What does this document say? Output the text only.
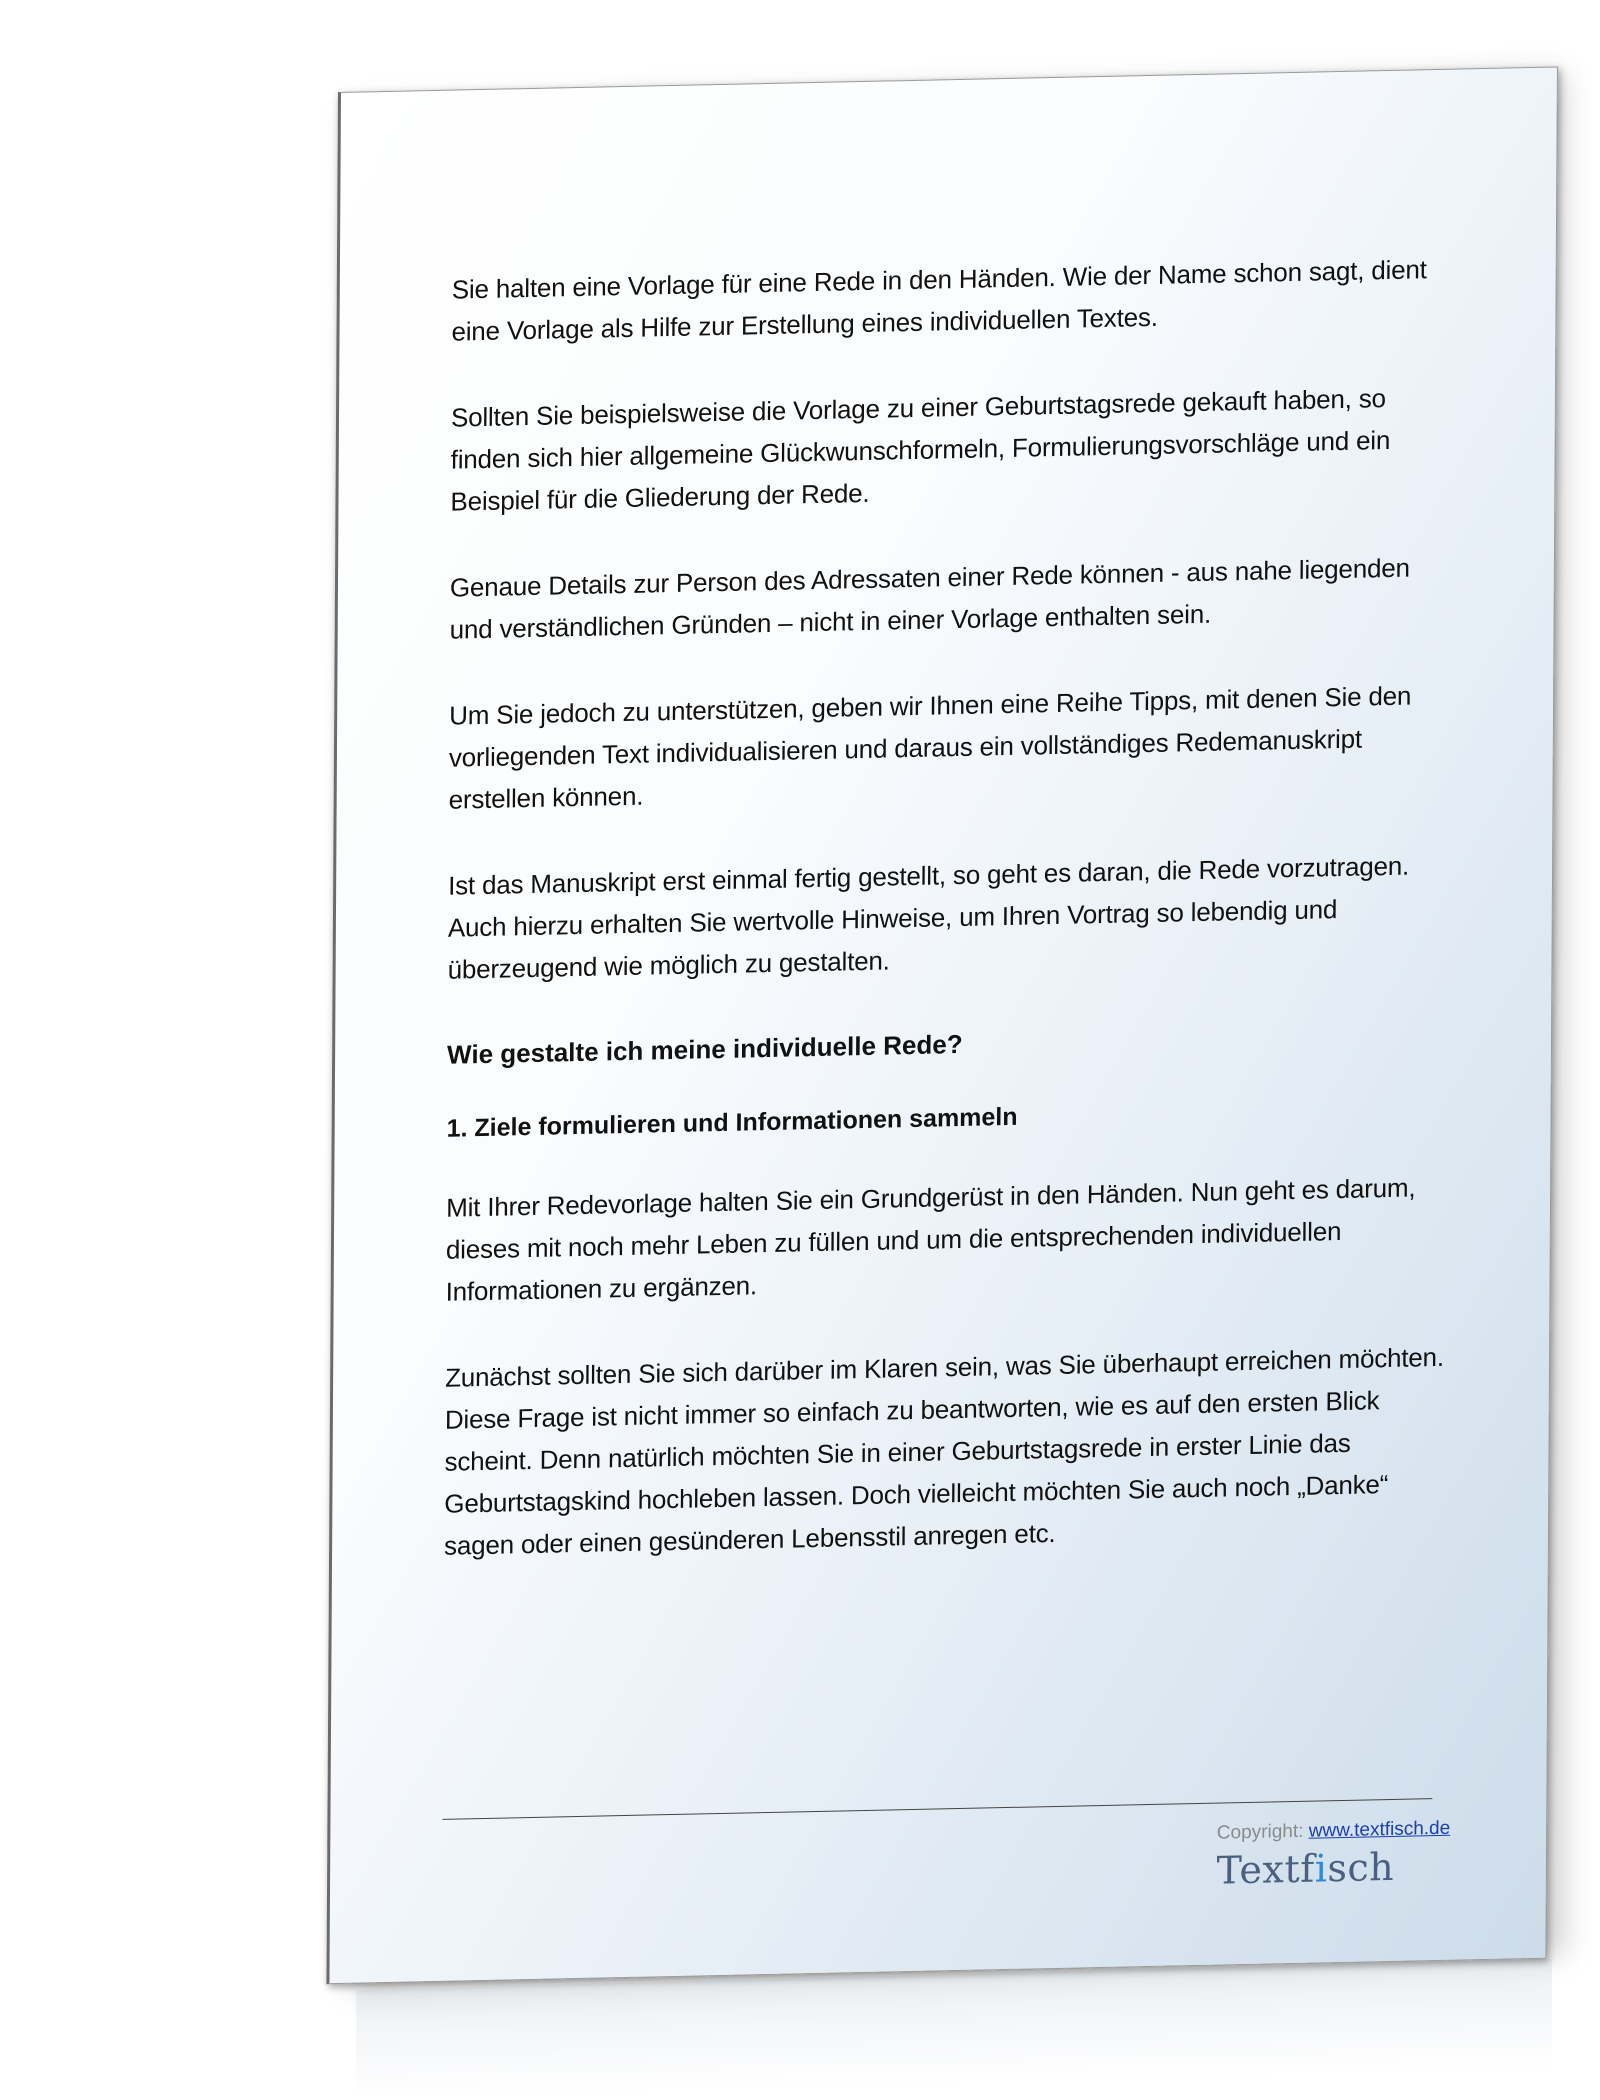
Sie halten eine Vorlage für eine Rede in den Händen. Wie der Name schon sagt, dient eine Vorlage als Hilfe zur Erstellung eines individuellen Textes.

Sollten Sie beispielsweise die Vorlage zu einer Geburtstagsrede gekauft haben, so finden sich hier allgemeine Glückwunschformeln, Formulierungsvorschläge und ein Beispiel für die Gliederung der Rede.

Genaue Details zur Person des Adressaten einer Rede können - aus nahe liegenden und verständlichen Gründen – nicht in einer Vorlage enthalten sein.

Um Sie jedoch zu unterstützen, geben wir Ihnen eine Reihe Tipps, mit denen Sie den vorliegenden Text individualisieren und daraus ein vollständiges Redemanuskript erstellen können.

Ist das Manuskript erst einmal fertig gestellt, so geht es daran, die Rede vorzutragen. Auch hierzu erhalten Sie wertvolle Hinweise, um Ihren Vortrag so lebendig und überzeugend wie möglich zu gestalten.

Wie gestalte ich meine individuelle Rede?
1. Ziele formulieren und Informationen sammeln

Mit Ihrer Redevorlage halten Sie ein Grundgerüst in den Händen. Nun geht es darum, dieses mit noch mehr Leben zu füllen und um die entsprechenden individuellen Informationen zu ergänzen.

Zunächst sollten Sie sich darüber im Klaren sein, was Sie überhaupt erreichen möchten. Diese Frage ist nicht immer so einfach zu beantworten, wie es auf den ersten Blick scheint. Denn natürlich möchten Sie in einer Geburtstagsrede in erster Linie das Geburtstagskind hochleben lassen. Doch vielleicht möchten Sie auch noch „Danke“ sagen oder einen gesünderen Lebensstil anregen etc.

Copyright: www.textfisch.de
Textfisch
